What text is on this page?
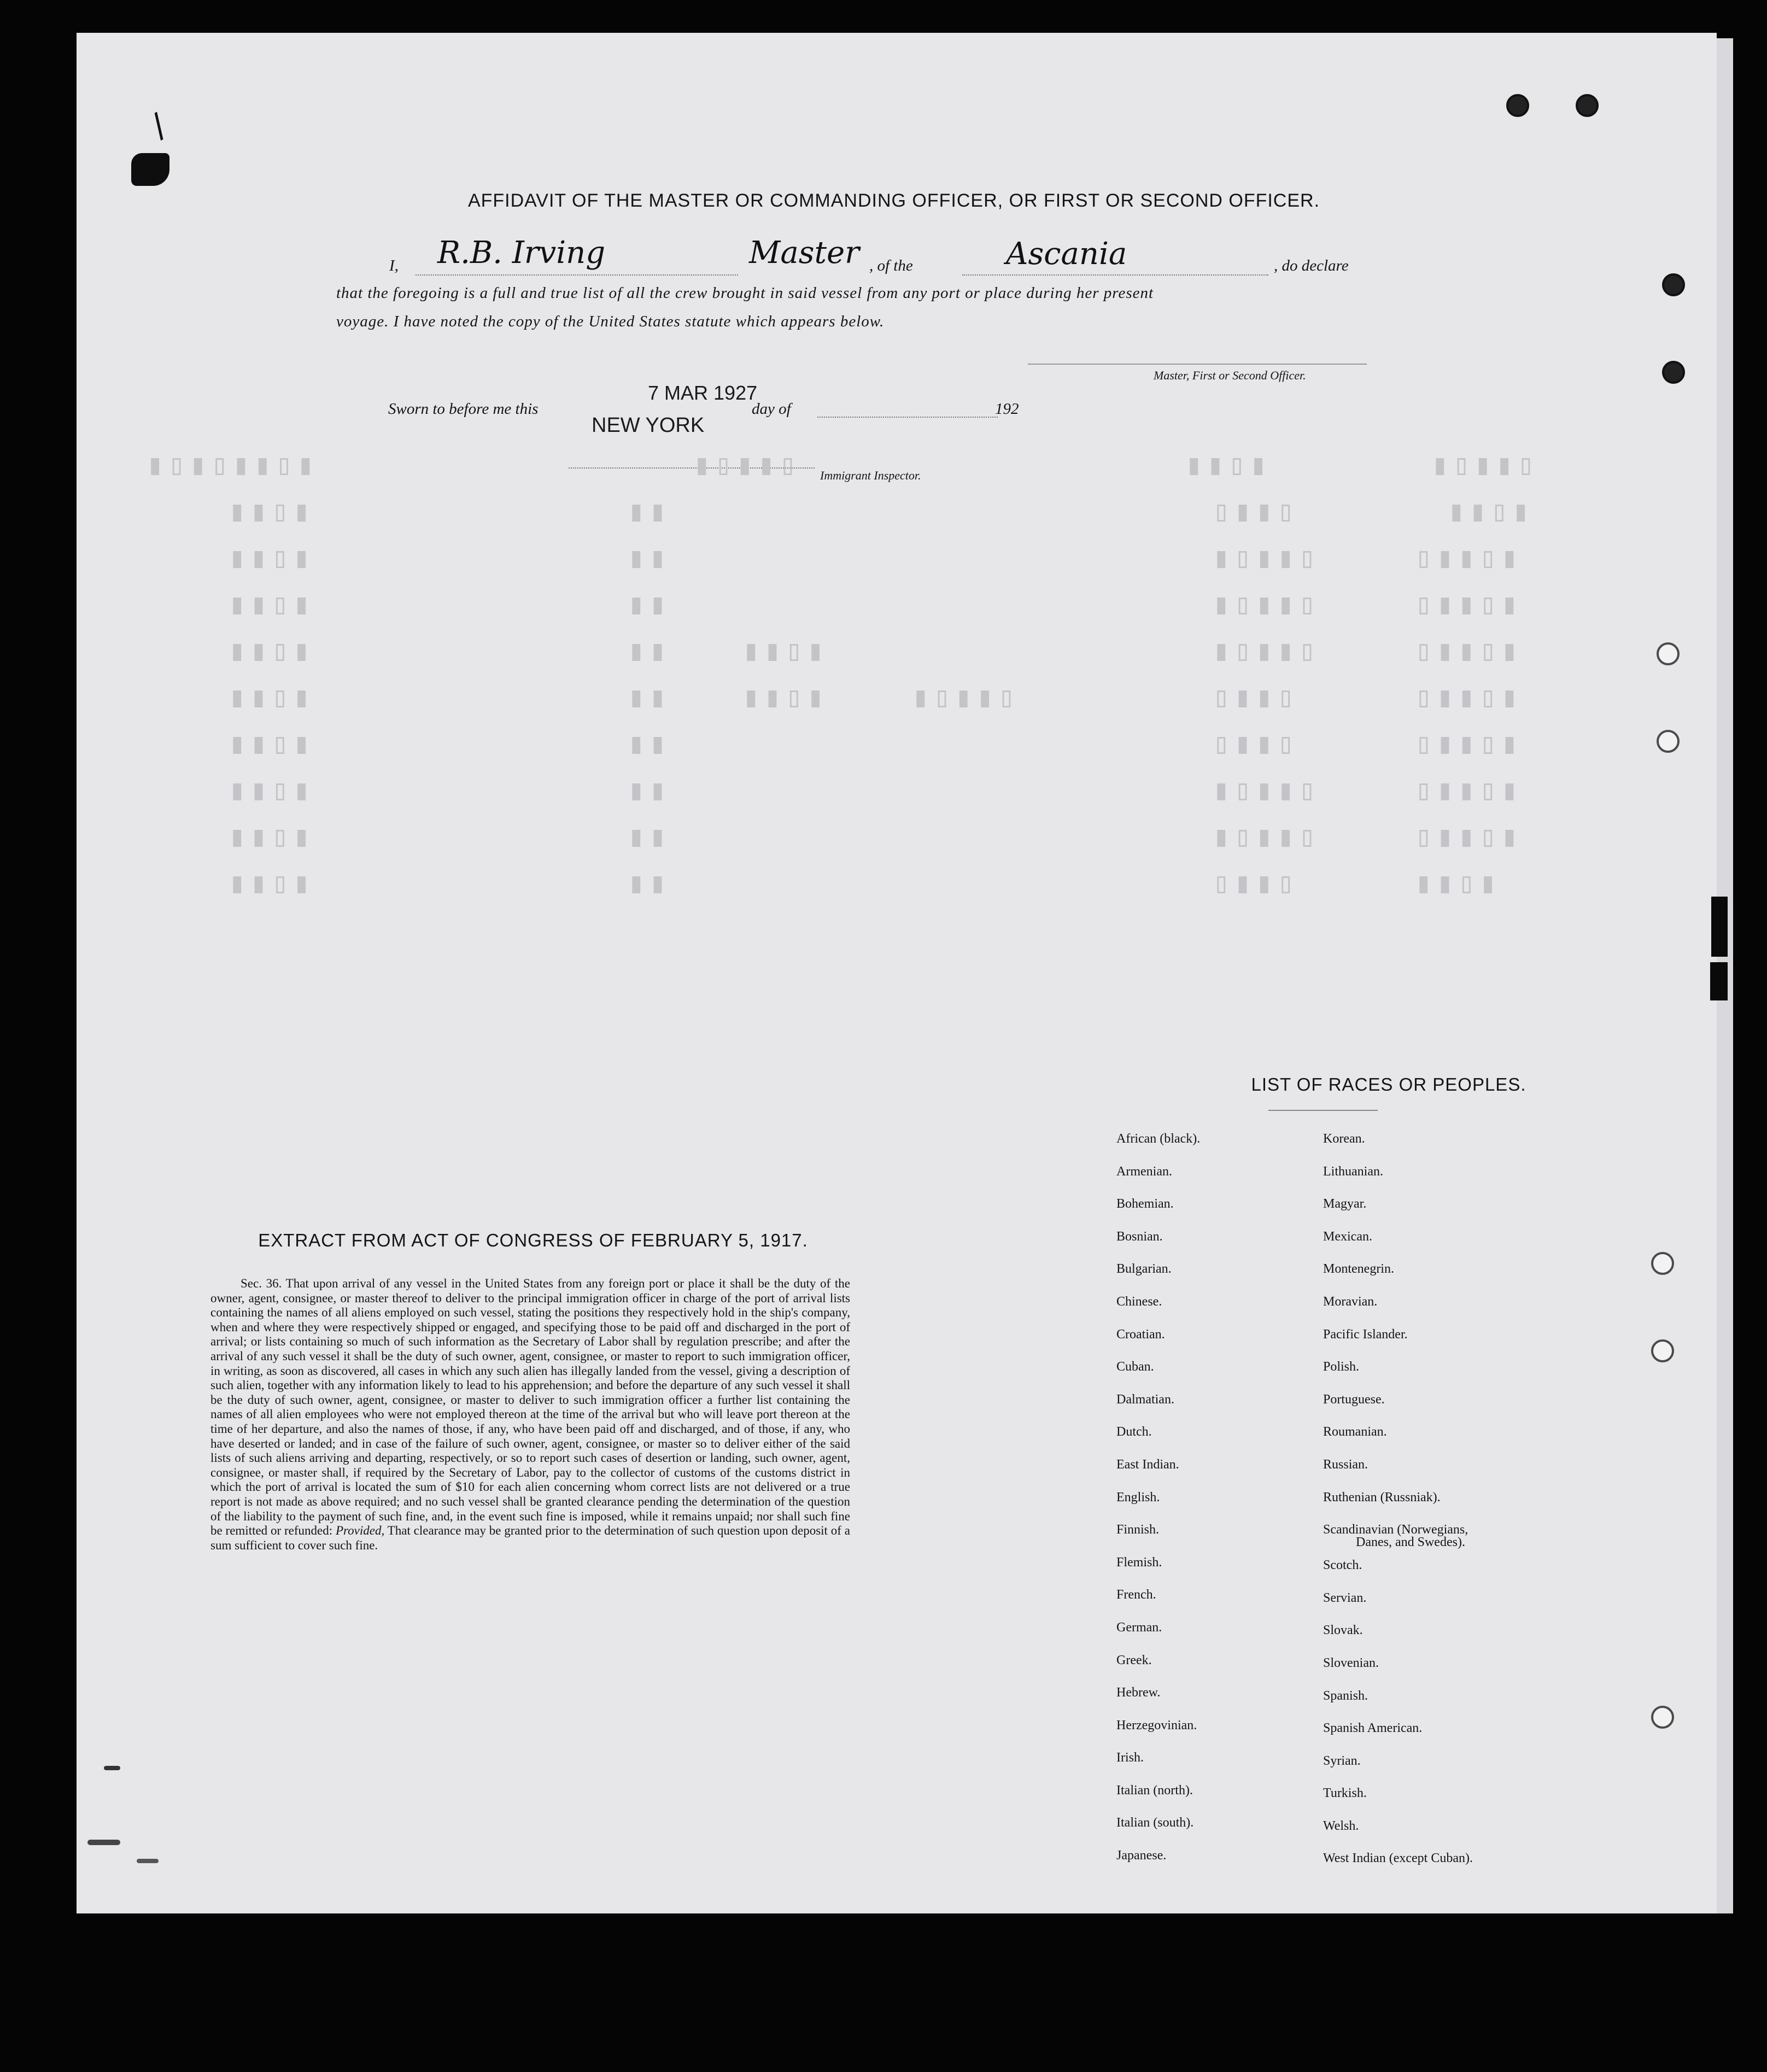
/
AFFIDAVIT OF THE MASTER OR COMMANDING OFFICER, OR FIRST OR SECOND OFFICER.
I, R.B. Irving	Master , of the	Ascania	, do declare
that the foregoing is a full and true list of all the crew brought in said vessel from any port or place during her present
voyage. I have noted the copy of the United States statute which appears below.
Master, First or Second Officer.
Sworn to before me this
7 MAR 1927
NEW YORK
day of	192
Immigrant Inspector.
▮▯▮▮▯▮▯▮	▯▮▮▯▮	▮▯▮▮	▯▮▮▯▮
▮▯▮▮	▮▮	▯▮▮▯	▮▯▮▮
▮▯▮▮	▮▮	▯▮▮▯▮	▮▯▮▮▯
▮▯▮▮	▮▮	▯▮▮▯▮	▮▯▮▮▯
▮▯▮▮	▮▮	▮▯▮▮	▯▮▮▯▮	▮▯▮▮▯
▮▯▮▮	▮▮	▮▯▮▮	▯▮▮▯▮	▯▮▮▯	▮▯▮▮▯
▮▯▮▮	▮▮	▯▮▮▯	▮▯▮▮▯
▮▯▮▮	▮▮	▯▮▮▯▮	▮▯▮▮▯
▮▯▮▮	▮▮	▯▮▮▯▮	▮▯▮▮▯
▮▯▮▮	▮▮	▯▮▮▯	▮▯▮▮
EXTRACT FROM ACT OF CONGRESS OF FEBRUARY 5, 1917.
Sec. 36. That upon arrival of any vessel in the United States from any foreign port or place it shall be the duty of the owner, agent, consignee, or master thereof to deliver to the principal immigration officer in charge of the port of arrival lists containing the names of all aliens employed on such vessel, stating the positions they respectively hold in the ship's company, when and where they were respectively shipped or engaged, and specifying those to be paid off and discharged in the port of arrival; or lists containing so much of such information as the Secretary of Labor shall by regulation prescribe; and after the arrival of any such vessel it shall be the duty of such owner, agent, consignee, or master to report to such immigration officer, in writing, as soon as discovered, all cases in which any such alien has illegally landed from the vessel, giving a description of such alien, together with any information likely to lead to his apprehension; and before the departure of any such vessel it shall be the duty of such owner, agent, consignee, or master to deliver to such immigration officer a further list containing the names of all alien employees who were not employed thereon at the time of the arrival but who will leave port thereon at the time of her departure, and also the names of those, if any, who have been paid off and discharged, and of those, if any, who have deserted or landed; and in case of the failure of such owner, agent, consignee, or master so to deliver either of the said lists of such aliens arriving and departing, respectively, or so to report such cases of desertion or landing, such owner, agent, consignee, or master shall, if required by the Secretary of Labor, pay to the collector of customs of the customs district in which the port of arrival is located the sum of $10 for each alien concerning whom correct lists are not delivered or a true report is not made as above required; and no such vessel shall be granted clearance pending the determination of the question of the liability to the payment of such fine, and, in the event such fine is imposed, while it remains unpaid; nor shall such fine be remitted or refunded: Provided, That clearance may be granted prior to the determination of such question upon deposit of a sum sufficient to cover such fine.
LIST OF RACES OR PEOPLES.
African (black).
Armenian.
Bohemian.
Bosnian.
Bulgarian.
Chinese.
Croatian.
Cuban.
Dalmatian.
Dutch.
East Indian.
English.
Finnish.
Flemish.
French.
German.
Greek.
Hebrew.
Herzegovinian.
Irish.
Italian (north).
Italian (south).
Japanese.
Korean.
Lithuanian.
Magyar.
Mexican.
Montenegrin.
Moravian.
Pacific Islander.
Polish.
Portuguese.
Roumanian.
Russian.
Ruthenian (Russniak).
Scandinavian (Norwegians,
Danes, and Swedes).
Scotch.
Servian.
Slovak.
Slovenian.
Spanish.
Spanish American.
Syrian.
Turkish.
Welsh.
West Indian (except Cuban).
